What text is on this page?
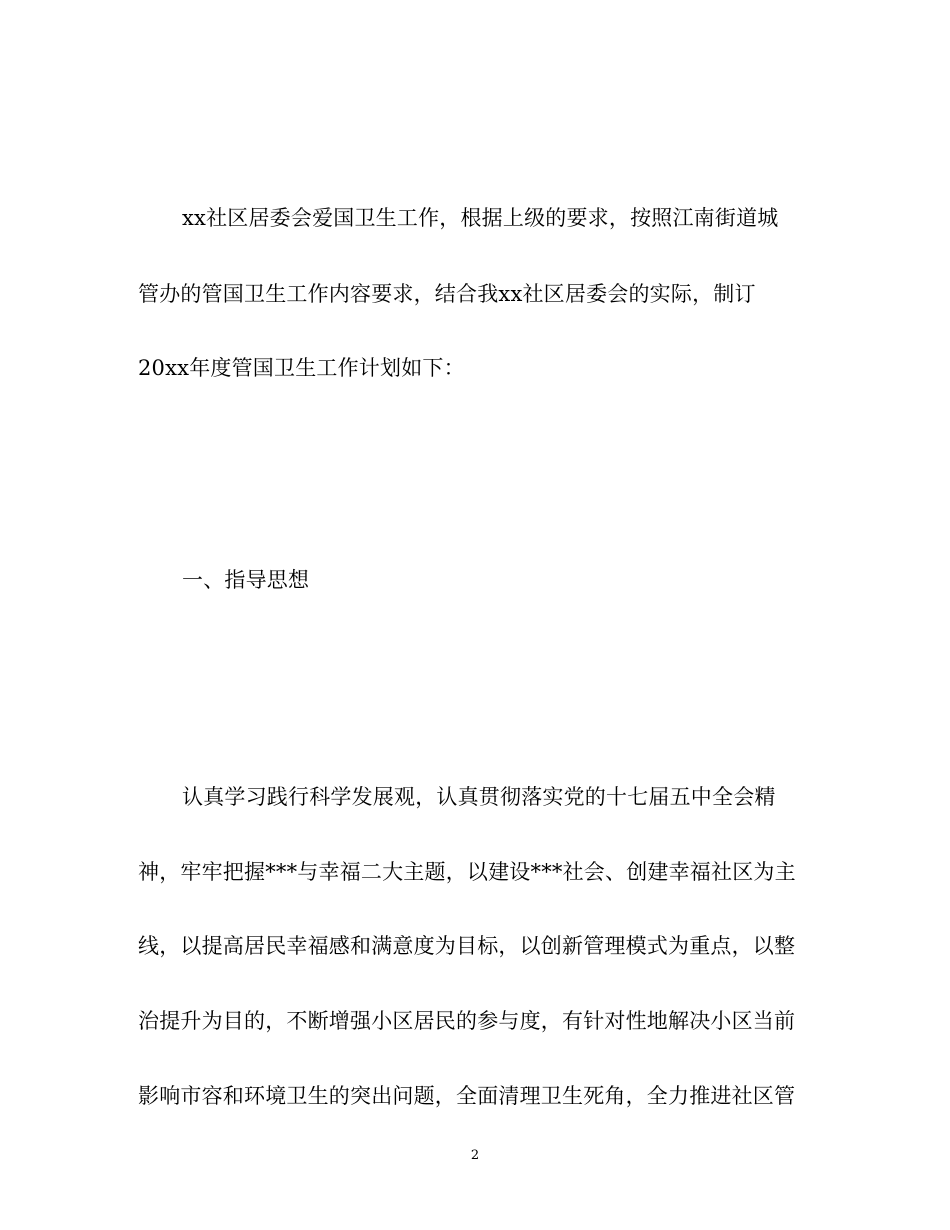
xx社区居委会爱国卫生工作，根据上级的要求，按照江南街道城
管办的管国卫生工作内容要求，结合我xx社区居委会的实际，制订
20xx年度管国卫生工作计划如下：
一、指导思想
认真学习践行科学发展观，认真贯彻落实党的十七届五中全会精
神，牢牢把握***与幸福二大主题，以建设***社会、创建幸福社区为主
线，以提高居民幸福感和满意度为目标，以创新管理模式为重点，以整
治提升为目的，不断增强小区居民的参与度，有针对性地解决小区当前
影响市容和环境卫生的突出问题，全面清理卫生死角，全力推进社区管
2
